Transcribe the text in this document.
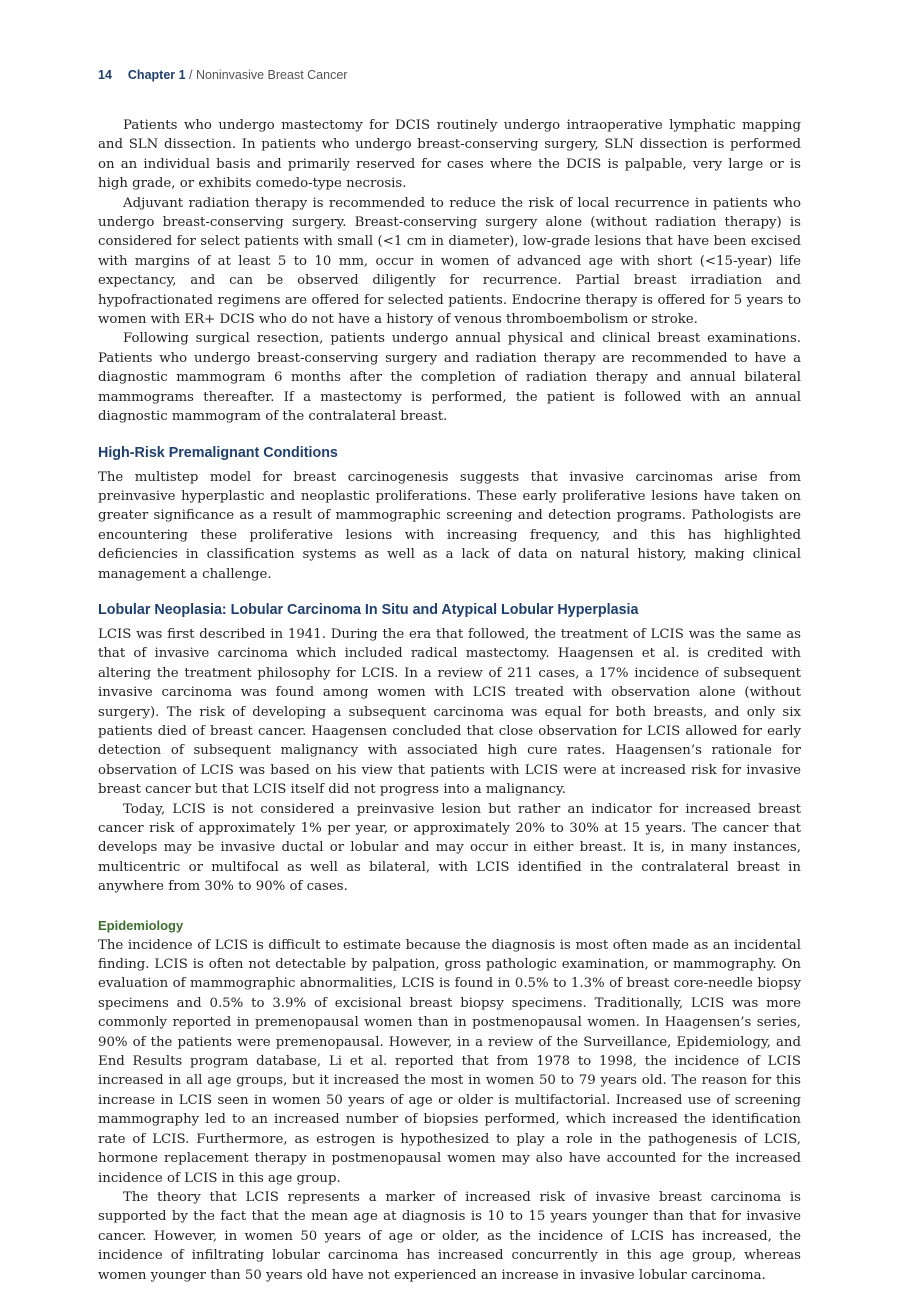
14 Chapter 1 / Noninvasive Breast Cancer

Patients who undergo mastectomy for DCIS routinely undergo intraoperative lymphatic mapping and SLN dissection. In patients who undergo breast-conserving surgery, SLN dissection is performed on an individual basis and primarily reserved for cases where the DCIS is palpable, very large or is high grade, or exhibits comedo-type necrosis.

Adjuvant radiation therapy is recommended to reduce the risk of local recurrence in patients who undergo breast-conserving surgery. Breast-conserving surgery alone (without radiation therapy) is considered for select patients with small (<1 cm in diameter), low-grade lesions that have been excised with margins of at least 5 to 10 mm, occur in women of advanced age with short (<15-year) life expectancy, and can be observed diligently for recurrence. Partial breast irradiation and hypofractionated regimens are offered for selected patients. Endocrine therapy is offered for 5 years to women with ER+ DCIS who do not have a history of venous thromboembolism or stroke.

Following surgical resection, patients undergo annual physical and clinical breast examinations. Patients who undergo breast-conserving surgery and radiation therapy are recommended to have a diagnostic mammogram 6 months after the completion of radiation therapy and annual bilateral mammograms thereafter. If a mastectomy is performed, the patient is followed with an annual diagnostic mammogram of the contralateral breast.

High-Risk Premalignant Conditions

The multistep model for breast carcinogenesis suggests that invasive carcinomas arise from preinvasive hyperplastic and neoplastic proliferations. These early proliferative lesions have taken on greater significance as a result of mammographic screening and detection programs. Pathologists are encountering these proliferative lesions with increasing frequency, and this has highlighted deficiencies in classification systems as well as a lack of data on natural history, making clinical management a challenge.

Lobular Neoplasia: Lobular Carcinoma In Situ and Atypical Lobular Hyperplasia

LCIS was first described in 1941. During the era that followed, the treatment of LCIS was the same as that of invasive carcinoma which included radical mastectomy. Haagensen et al. is credited with altering the treatment philosophy for LCIS. In a review of 211 cases, a 17% incidence of subsequent invasive carcinoma was found among women with LCIS treated with observation alone (without surgery). The risk of developing a subsequent carcinoma was equal for both breasts, and only six patients died of breast cancer. Haagensen concluded that close observation for LCIS allowed for early detection of subsequent malignancy with associated high cure rates. Haagensen’s rationale for observation of LCIS was based on his view that patients with LCIS were at increased risk for invasive breast cancer but that LCIS itself did not progress into a malignancy.

Today, LCIS is not considered a preinvasive lesion but rather an indicator for increased breast cancer risk of approximately 1% per year, or approximately 20% to 30% at 15 years. The cancer that develops may be invasive ductal or lobular and may occur in either breast. It is, in many instances, multicentric or multifocal as well as bilateral, with LCIS identified in the contralateral breast in anywhere from 30% to 90% of cases.

Epidemiology

The incidence of LCIS is difficult to estimate because the diagnosis is most often made as an incidental finding. LCIS is often not detectable by palpation, gross pathologic examination, or mammography. On evaluation of mammographic abnormalities, LCIS is found in 0.5% to 1.3% of breast core-needle biopsy specimens and 0.5% to 3.9% of excisional breast biopsy specimens. Traditionally, LCIS was more commonly reported in premenopausal women than in postmenopausal women. In Haagensen’s series, 90% of the patients were premenopausal. However, in a review of the Surveillance, Epidemiology, and End Results program database, Li et al. reported that from 1978 to 1998, the incidence of LCIS increased in all age groups, but it increased the most in women 50 to 79 years old. The reason for this increase in LCIS seen in women 50 years of age or older is multifactorial. Increased use of screening mammography led to an increased number of biopsies performed, which increased the identification rate of LCIS. Furthermore, as estrogen is hypothesized to play a role in the pathogenesis of LCIS, hormone replacement therapy in postmenopausal women may also have accounted for the increased incidence of LCIS in this age group.

The theory that LCIS represents a marker of increased risk of invasive breast carcinoma is supported by the fact that the mean age at diagnosis is 10 to 15 years younger than that for invasive cancer. However, in women 50 years of age or older, as the incidence of LCIS has increased, the incidence of infiltrating lobular carcinoma has increased concurrently in this age group, whereas women younger than 50 years old have not experienced an increase in invasive lobular carcinoma.
